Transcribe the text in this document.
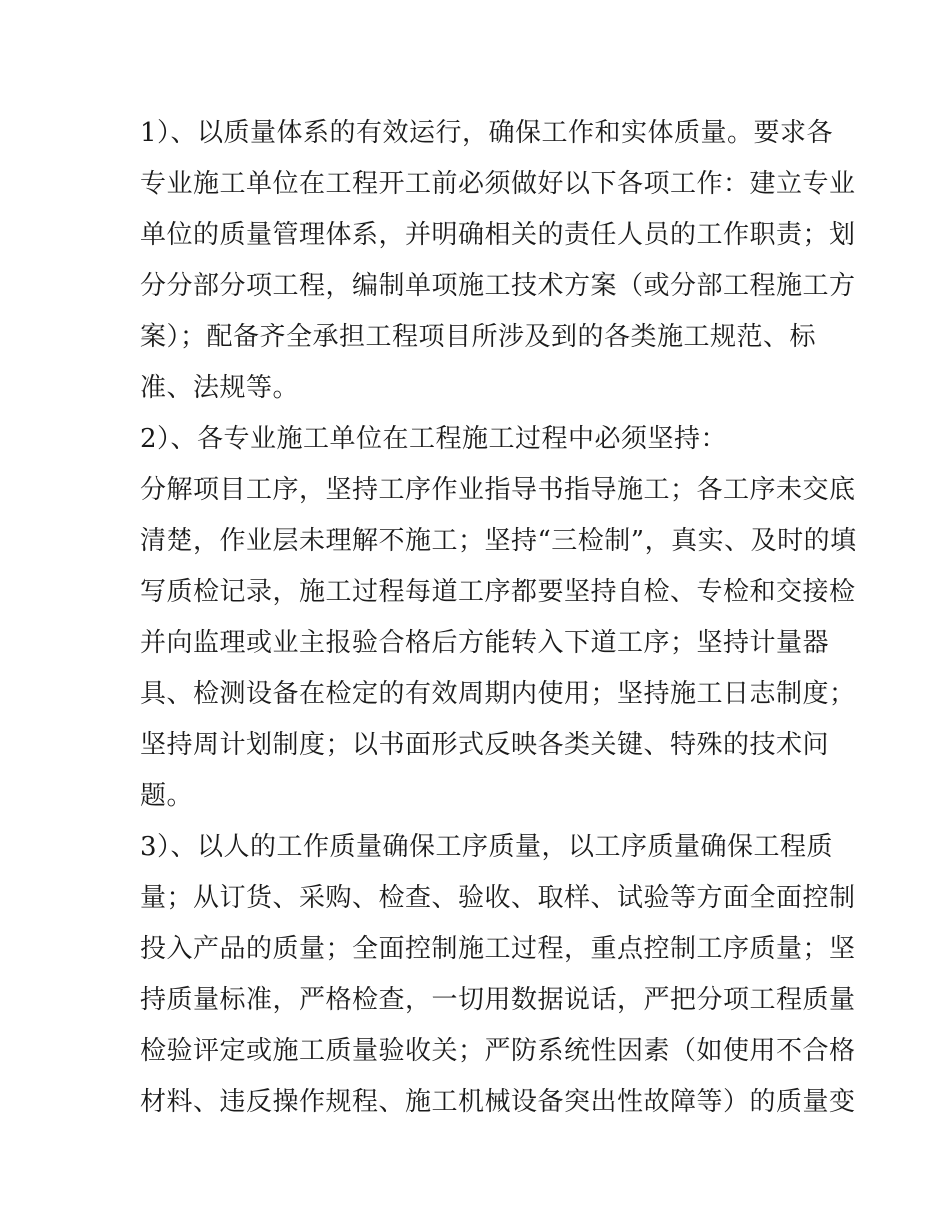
1）、以质量体系的有效运行，确保工作和实体质量。要求各
专业施工单位在工程开工前必须做好以下各项工作：建立专业
单位的质量管理体系，并明确相关的责任人员的工作职责；划
分分部分项工程，编制单项施工技术方案（或分部工程施工方
案）；配备齐全承担工程项目所涉及到的各类施工规范、标
准、法规等。
2）、各专业施工单位在工程施工过程中必须坚持：
分解项目工序，坚持工序作业指导书指导施工；各工序未交底
清楚，作业层未理解不施工；坚持“三检制”，真实、及时的填
写质检记录，施工过程每道工序都要坚持自检、专检和交接检
并向监理或业主报验合格后方能转入下道工序；坚持计量器
具、检测设备在检定的有效周期内使用；坚持施工日志制度；
坚持周计划制度；以书面形式反映各类关键、特殊的技术问
题。
3）、以人的工作质量确保工序质量，以工序质量确保工程质
量；从订货、采购、检查、验收、取样、试验等方面全面控制
投入产品的质量；全面控制施工过程，重点控制工序质量；坚
持质量标准，严格检查，一切用数据说话，严把分项工程质量
检验评定或施工质量验收关；严防系统性因素（如使用不合格
材料、违反操作规程、施工机械设备突出性故障等）的质量变
